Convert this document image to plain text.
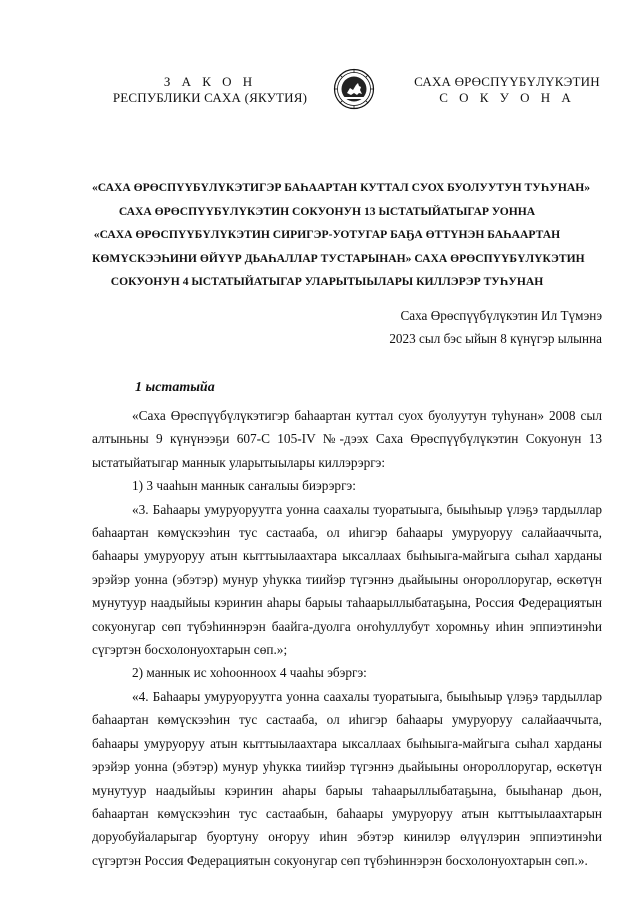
З А К О Н
РЕСПУБЛИКИ САХА (ЯКУТИЯ)
САХА ӨРӨСПҮҮБҮЛҮКЭТИН
С О К У О Н А
«САХА ӨРӨСПҮҮБҮЛҮКЭТИГЭР БАҺААРТАН КУТТАЛ СУОХ БУОЛУУТУН ТУҺУНАН»
САХА ӨРӨСПҮҮБҮЛҮКЭТИН СОКУОНУН 13 ЫСТАТЫЙАТЫГАР УОННА
«САХА ӨРӨСПҮҮБҮЛҮКЭТИН СИРИГЭР-УОТУГАР БАҔА ӨТТҮНЭН БАҺААРТАН
КӨМҮСКЭЭҺИНИ ӨЙҮҮР ДЬАҺАЛЛАР ТУСТАРЫНАН» САХА ӨРӨСПҮҮБҮЛҮКЭТИН
СОКУОНУН 4 ЫСТАТЫЙАТЫГАР УЛАРЫТЫЫЛАРЫ КИЛЛЭРЭР ТУҺУНАН
Саха Өрөспүүбүлүкэтин Ил Түмэнэ
2023 сыл бэс ыйын 8 күнүгэр ылынна
1 ыстатыйа

«Саха Өрөспүүбүлүкэтигэр баһаартан куттал суох буолуутун туһунан» 2008 сыл алтыньны 9 күнүнээҕи 607-С 105-IV №-дээх Саха Өрөспүүбүлүкэтин Сокуонун 13 ыстатыйатыгар маннык уларытыылары киллэрэргэ:

1) 3 чааһын маннык саҥалыы биэрэргэ:

«3. Баһаары умуруоруутга уонна саахалы туоратыыга, быыһыыр үлэҕэ тардыллар баһаартан көмүскээһин тус састааба, ол иһигэр баһаары умуруоруу салайааччыта, баһаары умуруоруу атын кыттыылаахтара ыксаллаах быһыыга-майгыга сыһал харданы эрэйэр уонна (эбэтэр) мунур уһукка тиийэр түгэннэ дьайыыны оҥороллоругар, өскөтүн мунутуур наадыйыы кэриҥин аһары барыы таһаарыллыбатаҕына, Россия Федерациятын сокуонугар сөп түбэһиннэрэн баайга-дуолга оҥоһуллубут хоромньу иһин эппиэтинэһи сүгэртэн босхолонуохтарын сөп.»;

2) маннык ис хоһоонноох 4 чааһы эбэргэ:

«4. Баһаары умуруоруутга уонна саахалы туоратыыга, быыһыыр үлэҕэ тардыллар баһаартан көмүскээһин тус састааба, ол иһигэр баһаары умуруоруу салайааччыта, баһаары умуруоруу атын кыттыылаахтара ыксаллаах быһыыга-майгыга сыһал харданы эрэйэр уонна (эбэтэр) мунур уһукка тиийэр түгэннэ дьайыыны оҥороллоругар, өскөтүн мунутуур наадыйыы кэриҥин аһары барыы таһаарыллыбатаҕына, быыһанар дьон, баһаартан көмүскээһин тус састаабын, баһаары умуруоруу атын кыттыылаахтарын доруобуйаларыгар буортуну оҥоруу иһин эбэтэр кинилэр өлүүлэрин эппиэтинэһи сүгэртэн Россия Федерациятын сокуонугар сөп түбэһиннэрэн босхолонуохтарын сөп.».
